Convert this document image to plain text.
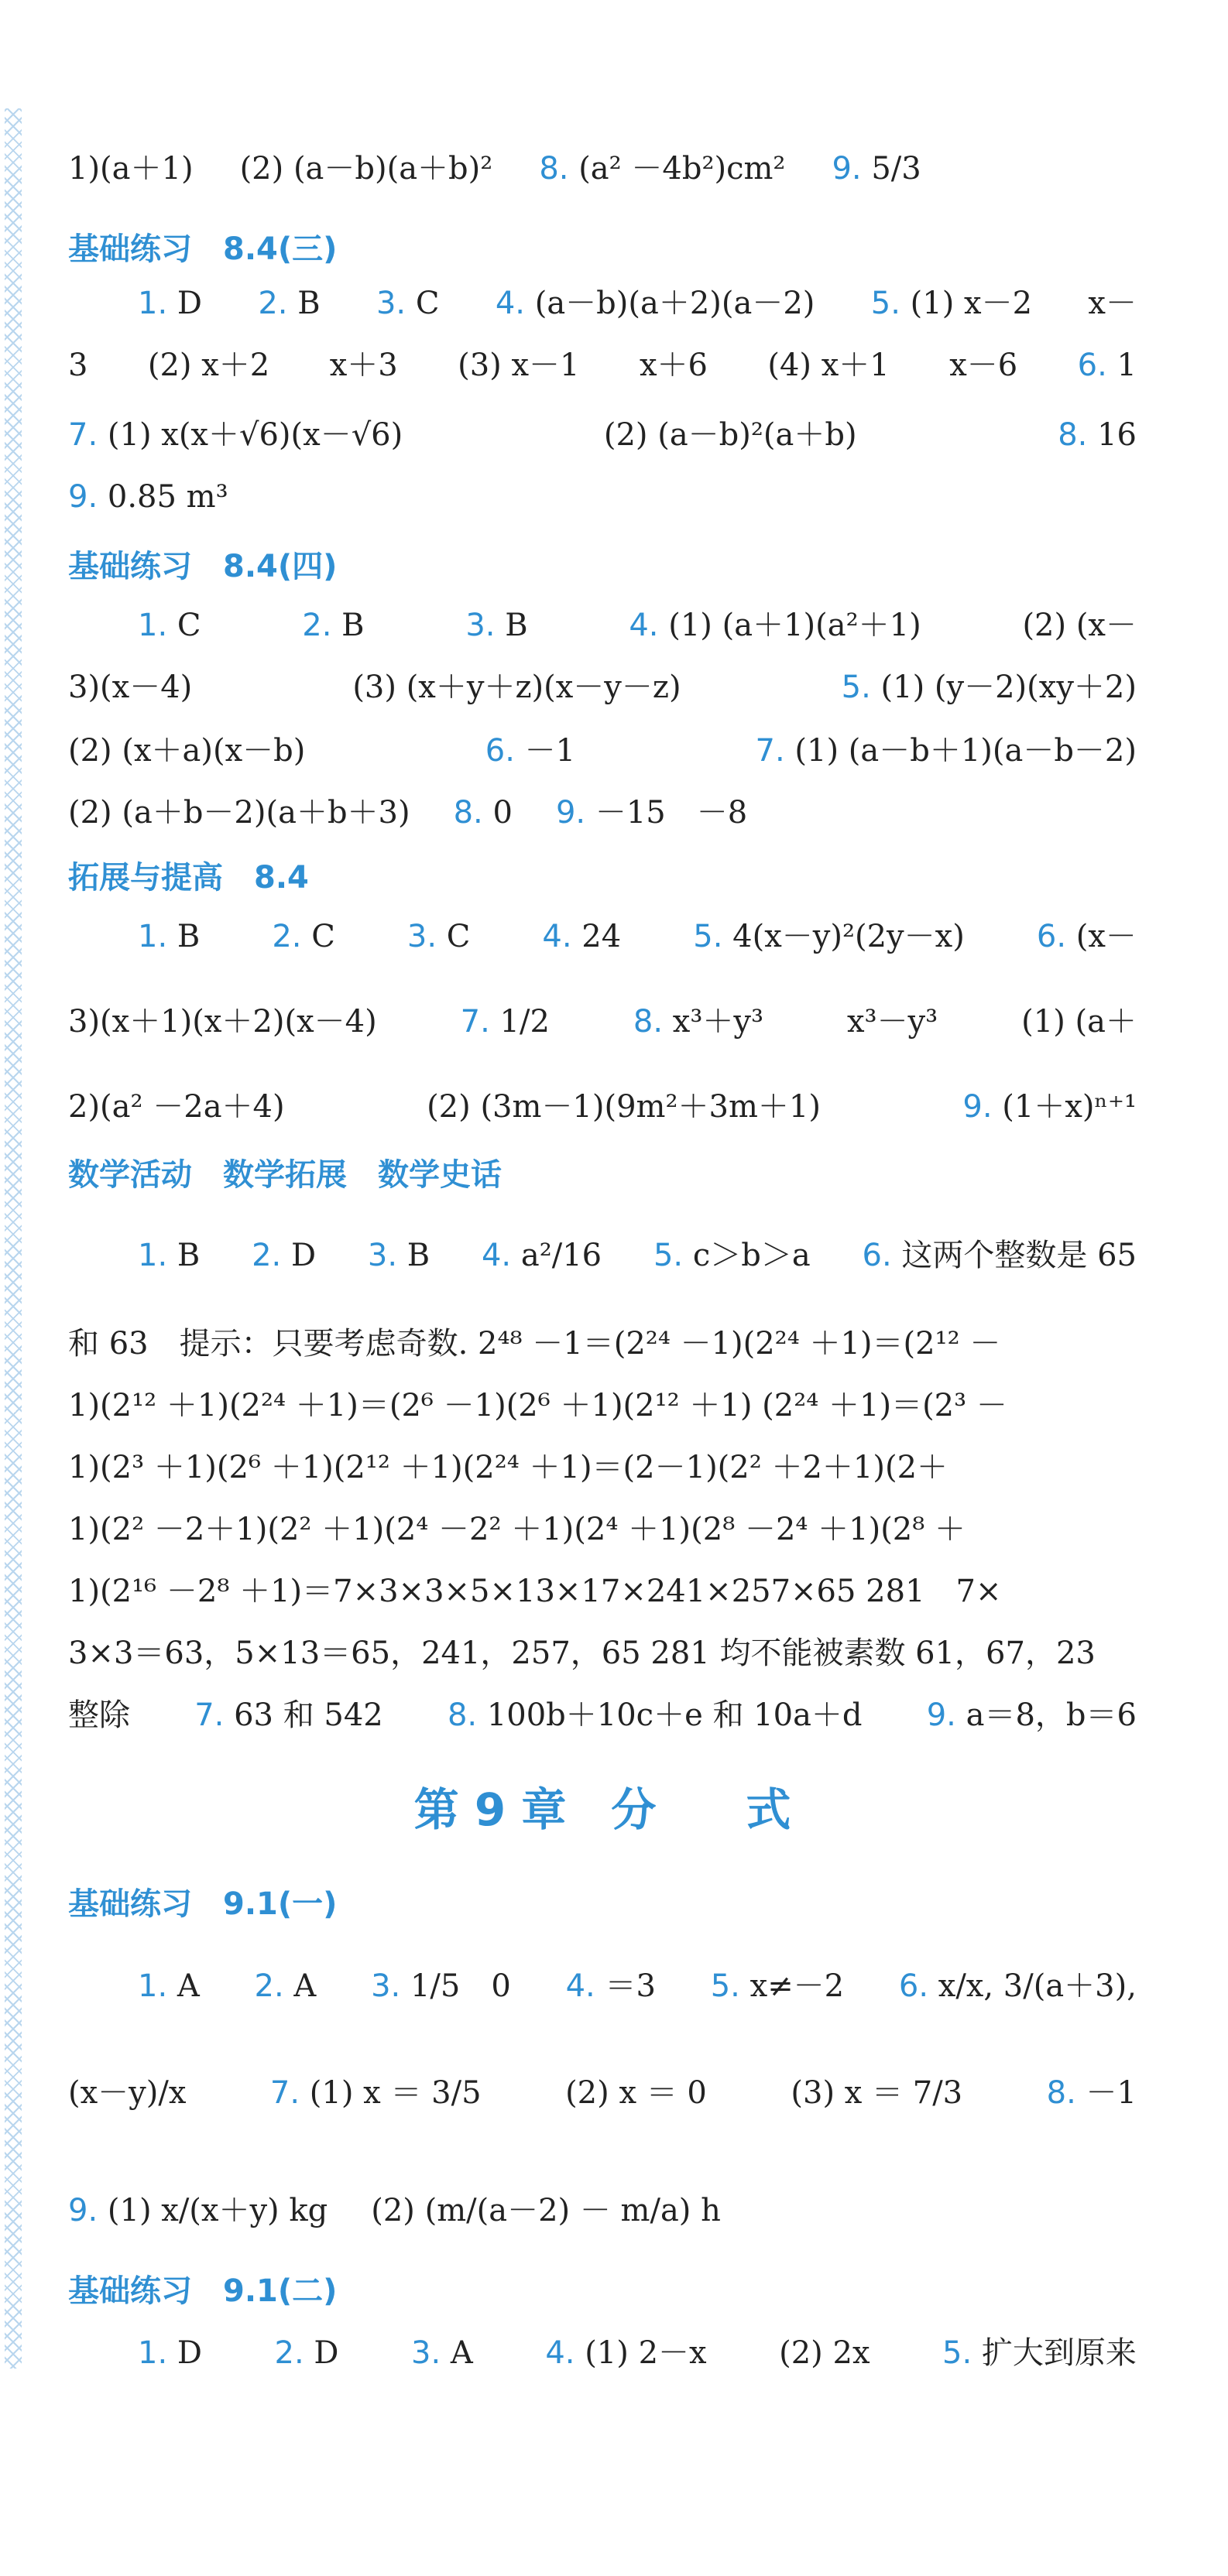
1)(a＋1) (2) (a－b)(a＋b)² 8. (a² －4b²)cm² 9. 5/3
基础练习　8.4(三)
1. D 2. B 3. C 4. (a－b)(a＋2)(a－2) 5. (1) x－2 x－
3 (2) x＋2 x＋3 (3) x－1 x＋6 (4) x＋1 x－6 6. 1
7. (1) x(x＋√6)(x－√6)	(2) (a－b)²(a＋b)	8. 16
9. 0.85 m³
基础练习　8.4(四)
1. C	2. B	3. B	4. (1) (a＋1)(a²＋1)	(2) (x－
3)(x－4)	(3) (x＋y＋z)(x－y－z)	5. (1) (y－2)(xy＋2)
(2) (x＋a)(x－b)	6. －1	7. (1) (a－b＋1)(a－b－2)
(2) (a＋b－2)(a＋b＋3) 8. 0 9. －15　－8
拓展与提高　8.4
1. B 2. C 3. C 4. 24 5. 4(x－y)²(2y－x) 6. (x－
3)(x＋1)(x＋2)(x－4)	7. 1/2	8. x³＋y³	x³－y³	(1) (a＋
2)(a² －2a＋4)	(2) (3m－1)(9m²＋3m＋1)	9. (1＋x)ⁿ⁺¹
数学活动　数学拓展　数学史话
1. B 2. D 3. B 4. a²/16 5. c＞b＞a 6. 这两个整数是 65
和 63　提示：只要考虑奇数. 2⁴⁸ －1＝(2²⁴ －1)(2²⁴ ＋1)＝(2¹² －
1)(2¹² ＋1)(2²⁴ ＋1)＝(2⁶ －1)(2⁶ ＋1)(2¹² ＋1) (2²⁴ ＋1)＝(2³ －
1)(2³ ＋1)(2⁶ ＋1)(2¹² ＋1)(2²⁴ ＋1)＝(2－1)(2² ＋2＋1)(2＋
1)(2² －2＋1)(2² ＋1)(2⁴ －2² ＋1)(2⁴ ＋1)(2⁸ －2⁴ ＋1)(2⁸ ＋
1)(2¹⁶ －2⁸ ＋1)＝7×3×3×5×13×17×241×257×65 281　7×
3×3＝63，5×13＝65，241，257，65 281 均不能被素数 61，67，23
整除 7. 63 和 542 8. 100b＋10c＋e 和 10a＋d 9. a＝8，b＝6
第 9 章　分　　式
基础练习　9.1(一)
1. A 2. A 3. 1/5　0 4. ＝3 5. x≠－2 6. x/x, 3/(a＋3),
(x－y)/x	7. (1) x ＝ 3/5	(2) x ＝ 0	(3) x ＝ 7/3	8. －1
9. (1) x/(x＋y) kg (2) (m/(a－2) － m/a) h
基础练习　9.1(二)
1. D 2. D 3. A 4. (1) 2－x (2) 2x 5. 扩大到原来
